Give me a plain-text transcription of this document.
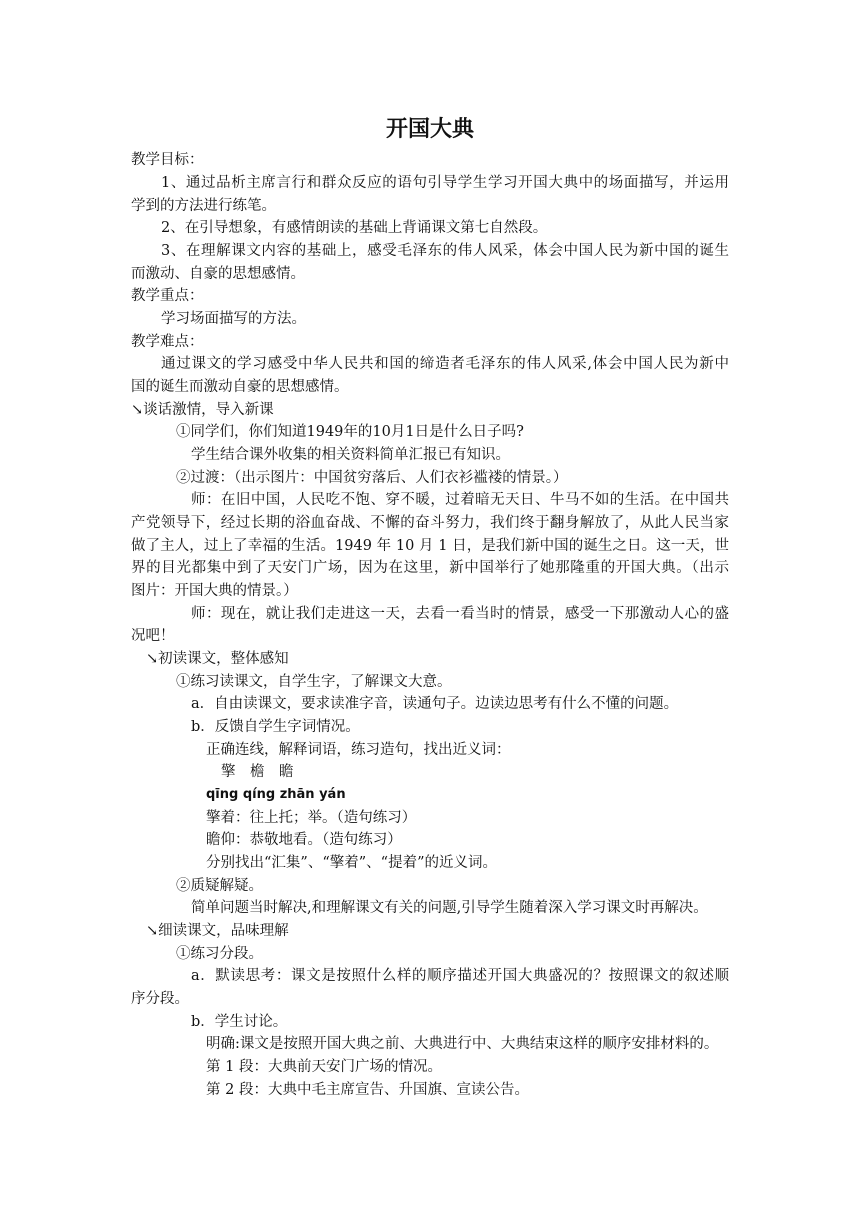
开国大典
教学目标：
1、通过品析主席言行和群众反应的语句引导学生学习开国大典中的场面描写，并运用
学到的方法进行练笔。
2、在引导想象，有感情朗读的基础上背诵课文第七自然段。
3、在理解课文内容的基础上，感受毛泽东的伟人风采，体会中国人民为新中国的诞生
而激动、自豪的思想感情。
教学重点：
学习场面描写的方法。
教学难点：
通过课文的学习感受中华人民共和国的缔造者毛泽东的伟人风采,体会中国人民为新中
国的诞生而激动自豪的思想感情。
↘谈话激情，导入新课
①同学们，你们知道1949年的10月1日是什么日子吗?
学生结合课外收集的相关资料简单汇报已有知识。
②过渡：（出示图片：中国贫穷落后、人们衣衫褴褛的情景。）
师：在旧中国，人民吃不饱、穿不暖，过着暗无天日、牛马不如的生活。在中国共
产党领导下，经过长期的浴血奋战、不懈的奋斗努力，我们终于翻身解放了，从此人民当家
做了主人，过上了幸福的生活。1949 年 10 月 1 日，是我们新中国的诞生之日。这一天，世
界的目光都集中到了天安门广场，因为在这里，新中国举行了她那隆重的开国大典。（出示
图片：开国大典的情景。）
师：现在，就让我们走进这一天，去看一看当时的情景，感受一下那激动人心的盛
况吧！
↘初读课文，整体感知
①练习读课文，自学生字，了解课文大意。
a．自由读课文，要求读准字音，读通句子。边读边思考有什么不懂的问题。
b．反馈自学生字词情况。
正确连线，解释词语，练习造句，找出近义词：
擎　檐　瞻
qīng qíng zhān yán
擎着：往上托；举。（造句练习）
瞻仰：恭敬地看。（造句练习）
分别找出“汇集”、“擎着”、“提着”的近义词。
②质疑解疑。
简单问题当时解决,和理解课文有关的问题,引导学生随着深入学习课文时再解决。
↘细读课文，品味理解
①练习分段。
a．默读思考：课文是按照什么样的顺序描述开国大典盛况的？按照课文的叙述顺
序分段。
b．学生讨论。
明确:课文是按照开国大典之前、大典进行中、大典结束这样的顺序安排材料的。
第 1 段：大典前天安门广场的情况。
第 2 段：大典中毛主席宣告、升国旗、宣读公告。
